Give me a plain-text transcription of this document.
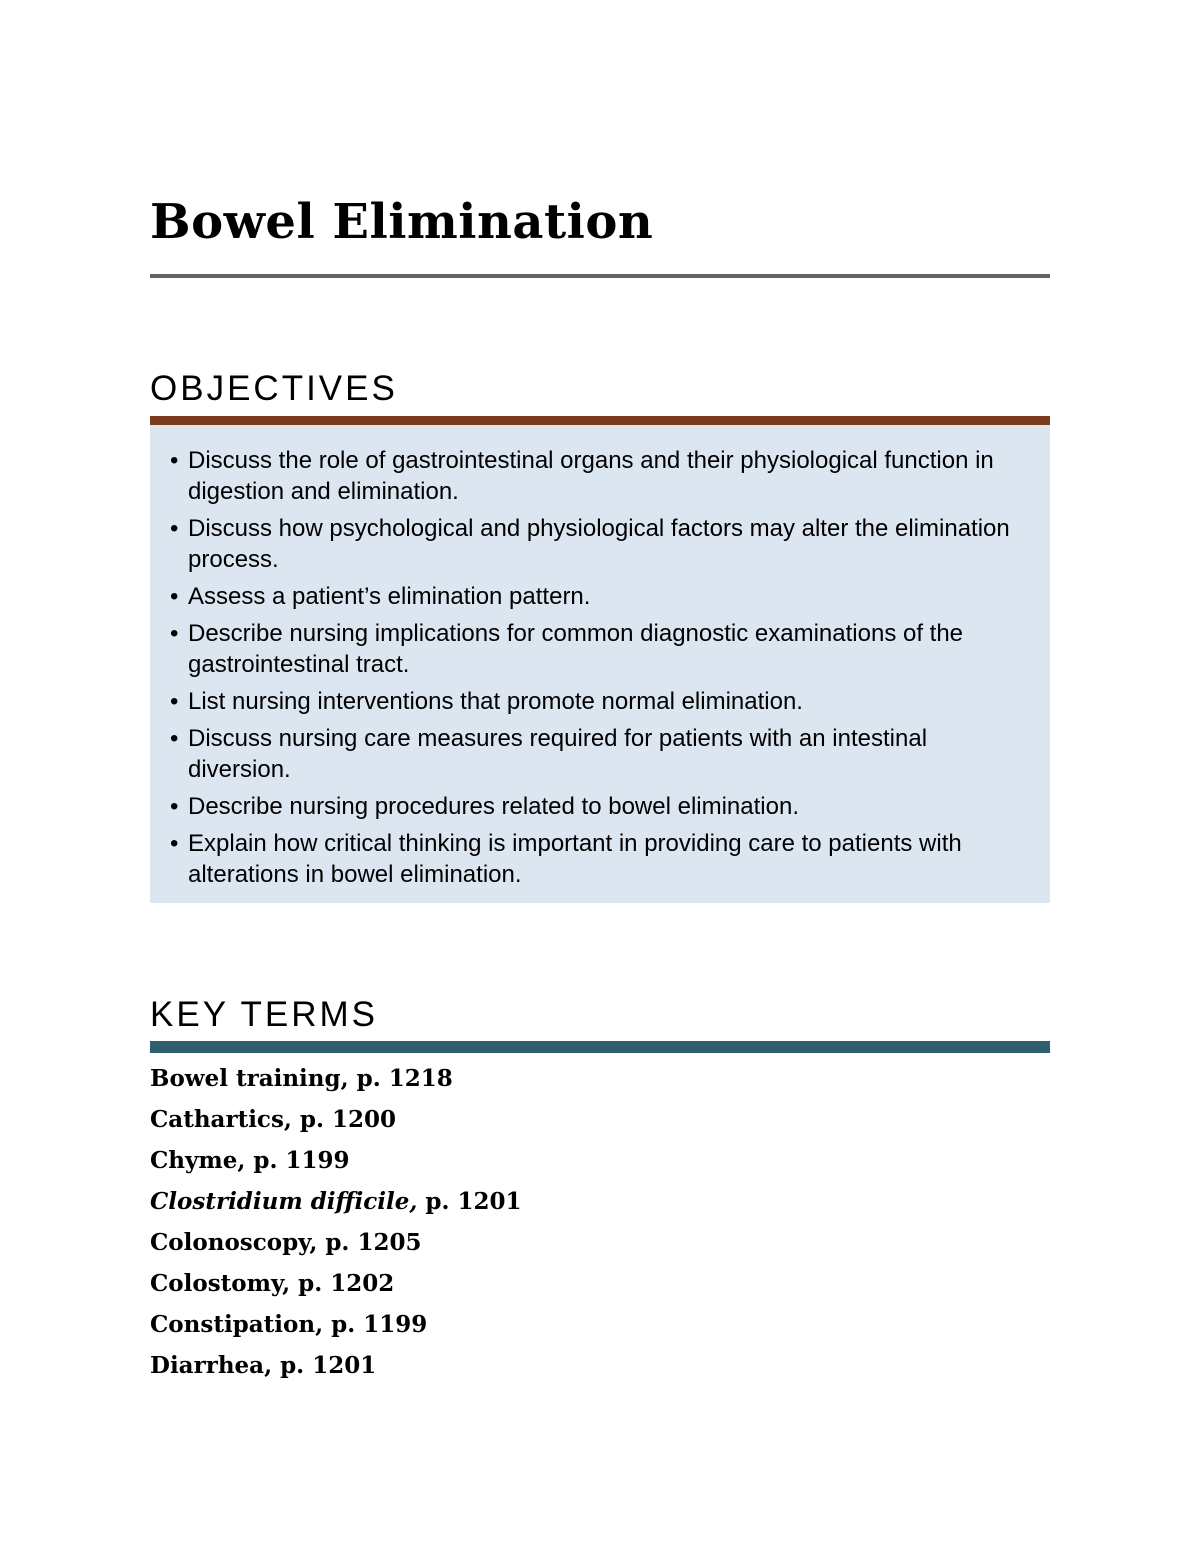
Bowel Elimination
OBJECTIVES
• Discuss the role of gastrointestinal organs and their physiological function in digestion and elimination.
• Discuss how psychological and physiological factors may alter the elimination process.
• Assess a patient’s elimination pattern.
• Describe nursing implications for common diagnostic examinations of the gastrointestinal tract.
• List nursing interventions that promote normal elimination.
• Discuss nursing care measures required for patients with an intestinal diversion.
• Describe nursing procedures related to bowel elimination.
• Explain how critical thinking is important in providing care to patients with alterations in bowel elimination.
KEY TERMS
Bowel training, p. 1218
Cathartics, p. 1200
Chyme, p. 1199
Clostridium difficile, p. 1201
Colonoscopy, p. 1205
Colostomy, p. 1202
Constipation, p. 1199
Diarrhea, p. 1201
